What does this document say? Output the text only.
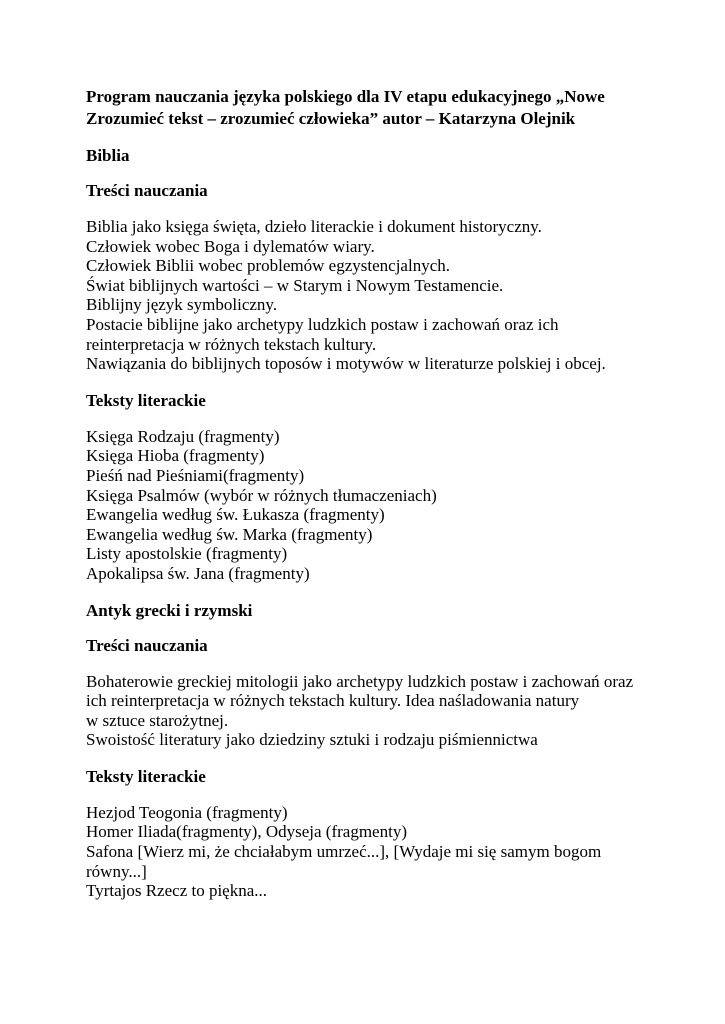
Program nauczania języka polskiego dla IV etapu edukacyjnego „Nowe
Zrozumieć tekst – zrozumieć człowieka” autor – Katarzyna Olejnik
Biblia
Treści nauczania
Biblia jako księga święta, dzieło literackie i dokument historyczny.
Człowiek wobec Boga i dylematów wiary.
Człowiek Biblii wobec problemów egzystencjalnych.
Świat biblijnych wartości – w Starym i Nowym Testamencie.
Biblijny język symboliczny.
Postacie biblijne jako archetypy ludzkich postaw i zachowań oraz ich
reinterpretacja w różnych tekstach kultury.
Nawiązania do biblijnych toposów i motywów w literaturze polskiej i obcej.
Teksty literackie
Księga Rodzaju (fragmenty)
Księga Hioba (fragmenty)
Pieśń nad Pieśniami(fragmenty)
Księga Psalmów (wybór w różnych tłumaczeniach)
Ewangelia według św. Łukasza (fragmenty)
Ewangelia według św. Marka (fragmenty)
Listy apostolskie (fragmenty)
Apokalipsa św. Jana (fragmenty)
Antyk grecki i rzymski
Treści nauczania
Bohaterowie greckiej mitologii jako archetypy ludzkich postaw i zachowań oraz
ich reinterpretacja w różnych tekstach kultury. Idea naśladowania natury
w sztuce starożytnej.
Swoistość literatury jako dziedziny sztuki i rodzaju piśmiennictwa
Teksty literackie
Hezjod Teogonia (fragmenty)
Homer Iliada(fragmenty), Odyseja (fragmenty)
Safona [Wierz mi, że chciałabym umrzeć...], [Wydaje mi się samym bogom
równy...]
Tyrtajos Rzecz to piękna...
